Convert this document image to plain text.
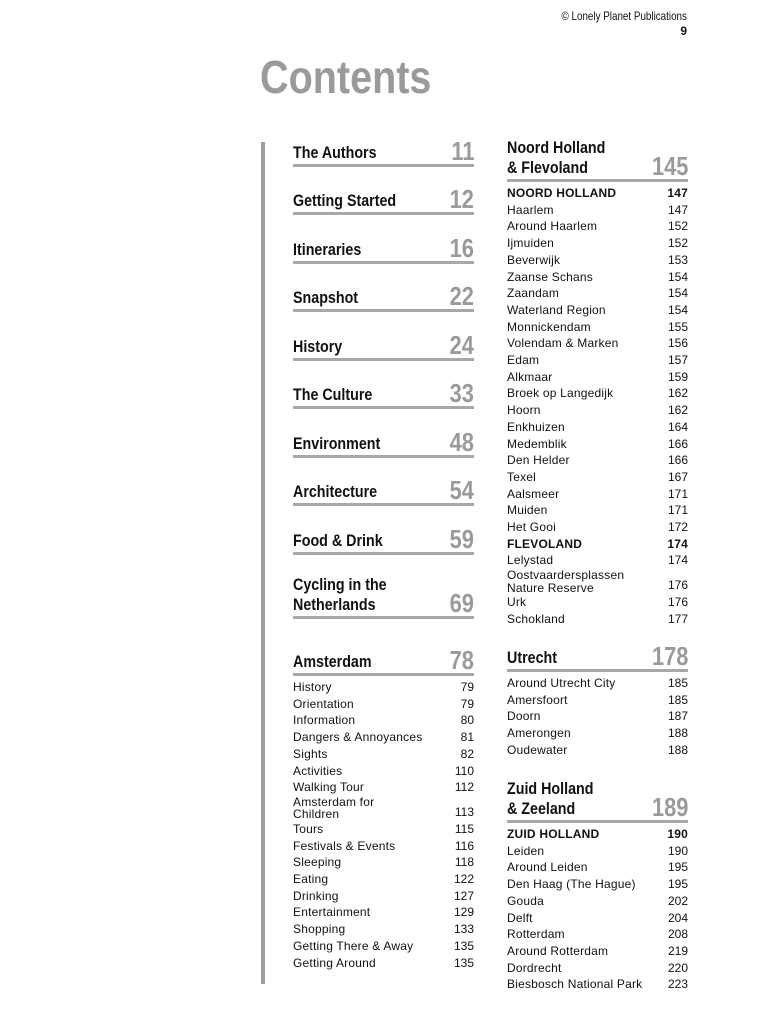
© Lonely Planet Publications
9
Contents
The Authors	11
Getting Started 12
Itineraries	16
Snapshot	22
History	24
The Culture	33
Environment	48
Architecture	54
Food & Drink	59
Cycling in the
Netherlands	69
Amsterdam	78
History	79
Orientation	79
Information	80
Dangers & Annoyances	81
Sights	82
Activities	110
Walking Tour	112
Amsterdam for
Children	113
Tours	115
Festivals & Events	116
Sleeping	118
Eating	122
Drinking	127
Entertainment	129
Shopping	133
Getting There & Away	135
Getting Around	135
Noord Holland
& Flevoland	145
NOORD HOLLAND	147
Haarlem	147
Around Haarlem	152
Ijmuiden	152
Beverwijk	153
Zaanse Schans	154
Zaandam	154
Waterland Region	154
Monnickendam	155
Volendam & Marken	156
Edam	157
Alkmaar	159
Broek op Langedijk	162
Hoorn	162
Enkhuizen	164
Medemblik	166
Den Helder	166
Texel	167
Aalsmeer	171
Muiden	171
Het Gooi	172
FLEVOLAND	174
Lelystad	174
Oostvaardersplassen
Nature Reserve	176
Urk	176
Schokland	177
Utrecht	178
Around Utrecht City	185
Amersfoort	185
Doorn	187
Amerongen	188
Oudewater	188
Zuid Holland
& Zeeland	189
ZUID HOLLAND	190
Leiden	190
Around Leiden	195
Den Haag (The Hague)	195
Gouda	202
Delft	204
Rotterdam	208
Around Rotterdam	219
Dordrecht	220
Biesbosch National Park 223
